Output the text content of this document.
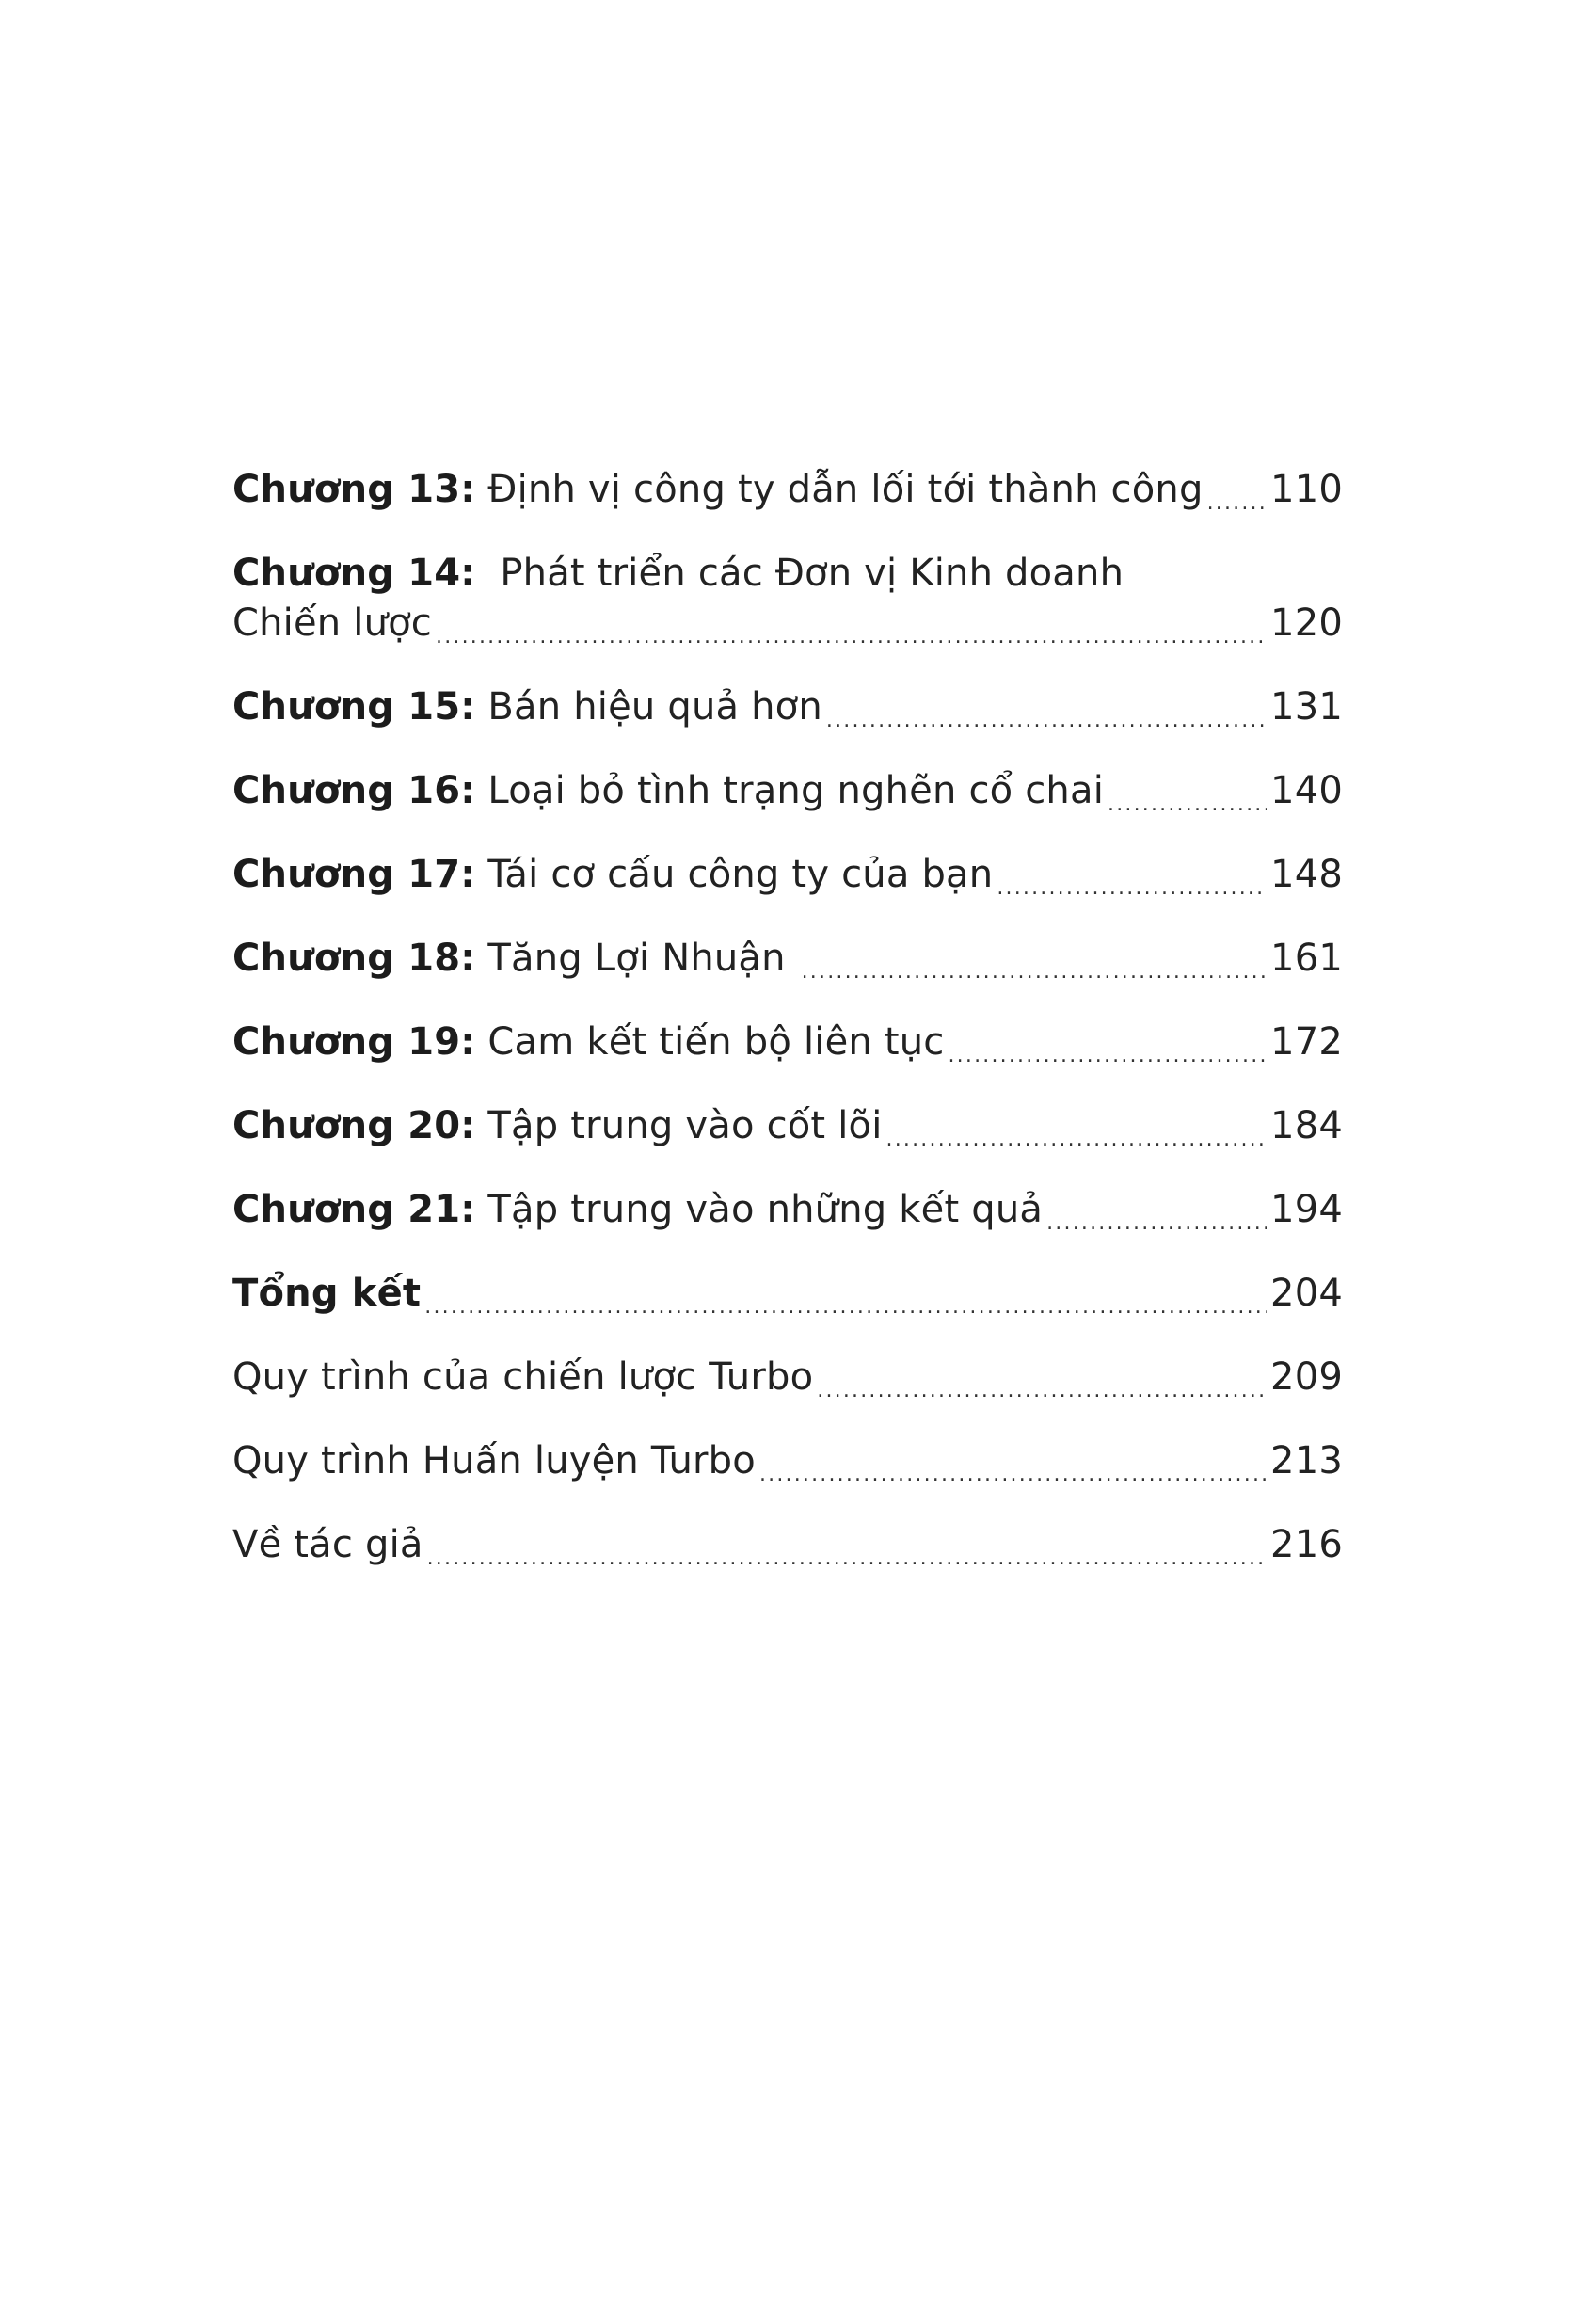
Chương 13: Định vị công ty dẫn lối tới thành công ..... 110
Chương 14: Phát triển các Đơn vị Kinh doanh
Chiến lược .....	120
Chương 15: Bán hiệu quả hơn .....	131
Chương 16: Loại bỏ tình trạng nghẽn cổ chai .....	140
Chương 17: Tái cơ cấu công ty của bạn .....	148
Chương 18: Tăng Lợi Nhuận .....	161
Chương 19: Cam kết tiến bộ liên tục .....	172
Chương 20: Tập trung vào cốt lõi .....	184
Chương 21: Tập trung vào những kết quả .....	194
Tổng kết .....	204
Quy trình của chiến lược Turbo .....	209
Quy trình Huấn luyện Turbo .....	213
Về tác giả .....	216
